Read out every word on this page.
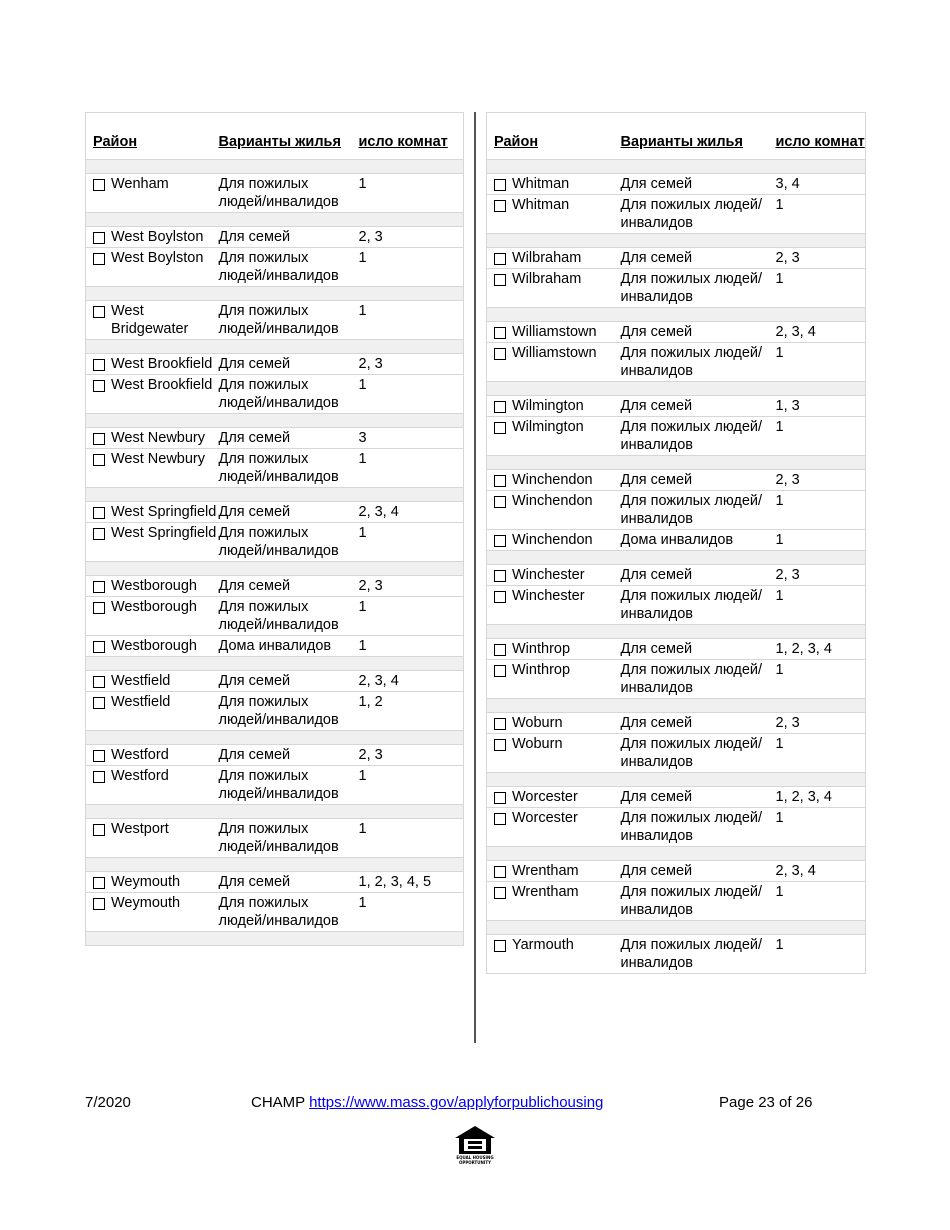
Район	Варианты жилья	исло комнат

Wenham	Для пожилых людей/инвалидов	1

West Boylston	Для семей	2, 3

West Boylston	Для пожилых людей/инвалидов	1

West Bridgewater	Для пожилых людей/инвалидов	1

West Brookfield	Для семей	2, 3

West Brookfield	Для пожилых людей/инвалидов	1

West Newbury	Для семей	3

West Newbury	Для пожилых людей/инвалидов	1

West Springfield	Для семей	2, 3, 4

West Springfield	Для пожилых людей/инвалидов	1

Westborough	Для семей	2, 3

Westborough	Для пожилых людей/инвалидов	1

Westborough	Дома инвалидов	1

Westfield	Для семей	2, 3, 4

Westfield	Для пожилых людей/инвалидов	1, 2

Westford	Для семей	2, 3

Westford	Для пожилых людей/инвалидов	1

Westport	Для пожилых людей/инвалидов	1

Weymouth	Для семей	1, 2, 3, 4, 5

Weymouth	Для пожилых людей/инвалидов	1

Район	Варианты жилья	исло комнат

Whitman	Для семей	3, 4

Whitman	Для пожилых людей/инвалидов	1

Wilbraham	Для семей	2, 3

Wilbraham	Для пожилых людей/инвалидов	1

Williamstown	Для семей	2, 3, 4

Williamstown	Для пожилых людей/инвалидов	1

Wilmington	Для семей	1, 3

Wilmington	Для пожилых людей/инвалидов	1

Winchendon	Для семей	2, 3

Winchendon	Для пожилых людей/инвалидов	1

Winchendon	Дома инвалидов	1

Winchester	Для семей	2, 3

Winchester	Для пожилых людей/инвалидов	1

Winthrop	Для семей	1, 2, 3, 4

Winthrop	Для пожилых людей/инвалидов	1

Woburn	Для семей	2, 3

Woburn	Для пожилых людей/инвалидов	1

Worcester	Для семей	1, 2, 3, 4

Worcester	Для пожилых людей/инвалидов	1

Wrentham	Для семей	2, 3, 4

Wrentham	Для пожилых людей/инвалидов	1

Yarmouth	Для пожилых людей/инвалидов	1
7/2020	CHAMP https://www.mass.gov/applyforpublichousing	Page 23 of 26
EQUAL HOUSING
OPPORTUNITY
